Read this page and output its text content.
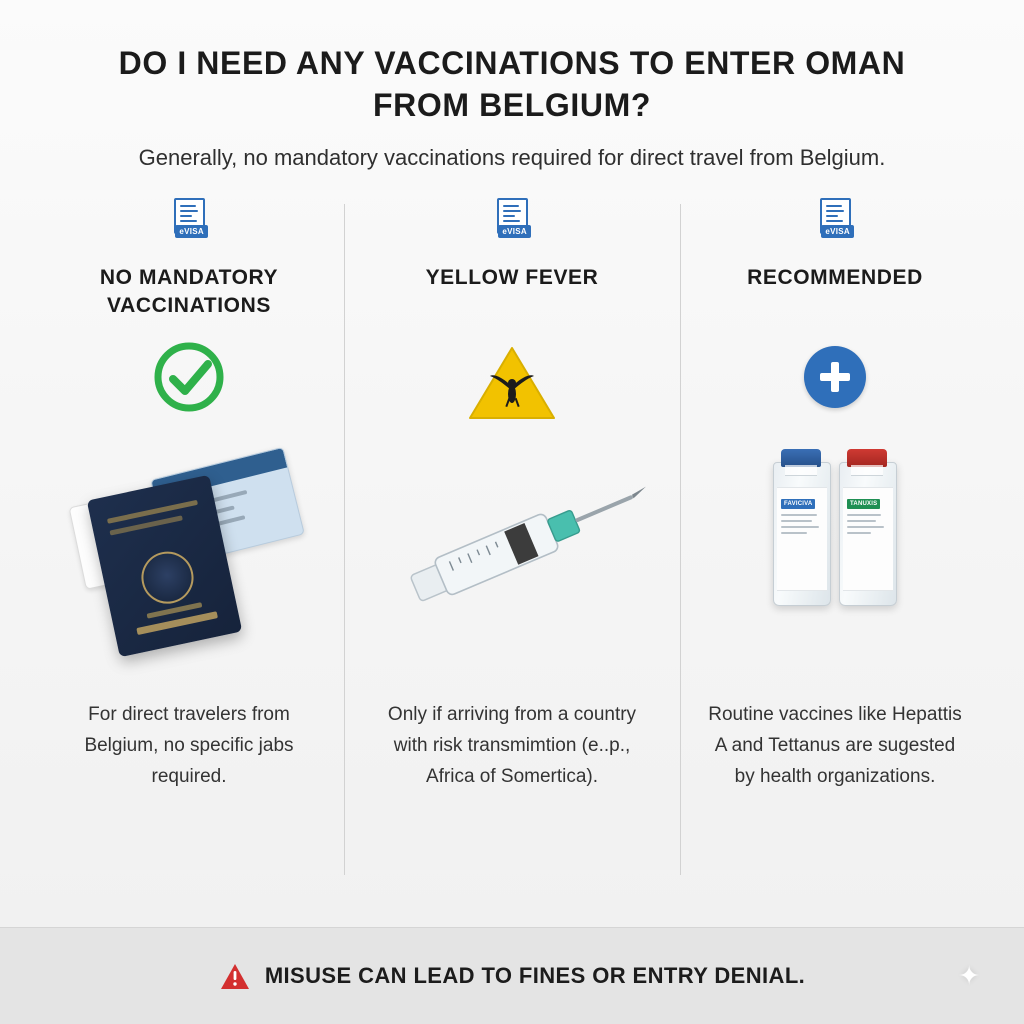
DO I NEED ANY VACCINATIONS TO ENTER OMAN FROM BELGIUM?

Generally, no mandatory vaccinations required for direct travel from Belgium.

eVISA
NO MANDATORY VACCINATIONS
For direct travelers from Belgium, no specific jabs required.
eVISA
YELLOW FEVER
Only if arriving from a country with risk transmimtion (e..p., Africa of Somertica).
eVISA
RECOMMENDED
FAVICIVA	TANUXIS
Routine vaccines like Hepattis A and Tettanus are sugested by health organizations.
MISUSE CAN LEAD TO FINES OR ENTRY DENIAL.	✦
